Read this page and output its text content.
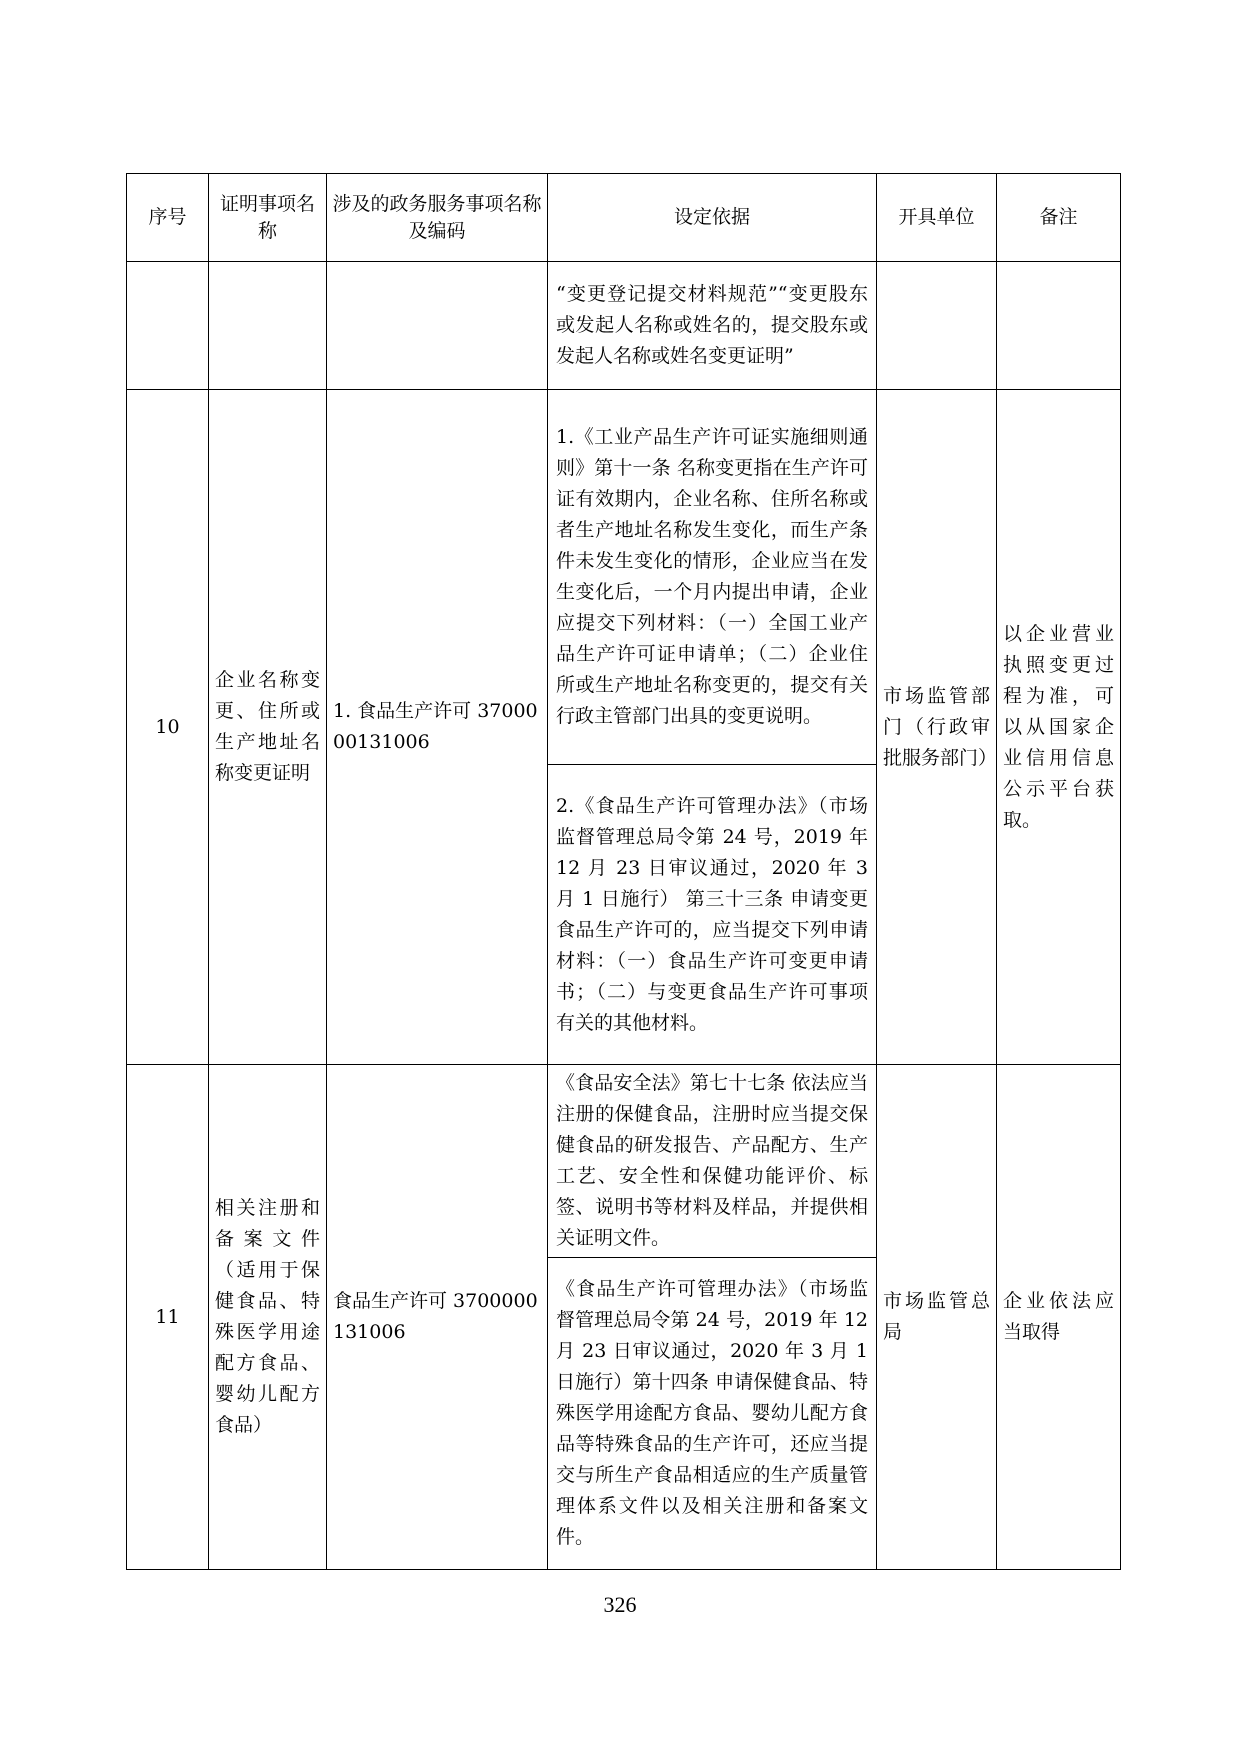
序号	证明事项名称	涉及的政务服务事项名称及编码	设定依据	开具单位	备注
			“变更登记提交材料规范”“变更股东或发起人名称或姓名的，提交股东或发起人名称或姓名变更证明”		
10	企业名称变更、住所或生产地址名称变更证明	1. 食品生产许可 3700000131006	1.《工业产品生产许可证实施细则通则》第十一条 名称变更指在生产许可证有效期内，企业名称、住所名称或者生产地址名称发生变化，而生产条件未发生变化的情形，企业应当在发生变化后，一个月内提出申请，企业应提交下列材料：（一）全国工业产品生产许可证申请单；（二）企业住所或生产地址名称变更的，提交有关行政主管部门出具的变更说明。	市场监管部门（行政审批服务部门）	以企业营业执照变更过程为准，可以从国家企业信用信息公示平台获取。
			2.《食品生产许可管理办法》（市场监督管理总局令第 24 号，2019 年 12 月 23 日审议通过，2020 年 3 月 1 日施行） 第三十三条 申请变更食品生产许可的，应当提交下列申请材料：（一）食品生产许可变更申请书；（二）与变更食品生产许可事项有关的其他材料。		
11	相关注册和备案文件（适用于保健食品、特殊医学用途配方食品、婴幼儿配方食品）	食品生产许可 3700000131006	《食品安全法》第七十七条 依法应当注册的保健食品，注册时应当提交保健食品的研发报告、产品配方、生产工艺、安全性和保健功能评价、标签、说明书等材料及样品，并提供相关证明文件。	市场监管总局	企业依法应当取得
			《食品生产许可管理办法》（市场监督管理总局令第 24 号，2019 年 12 月 23 日审议通过，2020 年 3 月 1 日施行）第十四条 申请保健食品、特殊医学用途配方食品、婴幼儿配方食品等特殊食品的生产许可，还应当提交与所生产食品相适应的生产质量管理体系文件以及相关注册和备案文件。		
326
